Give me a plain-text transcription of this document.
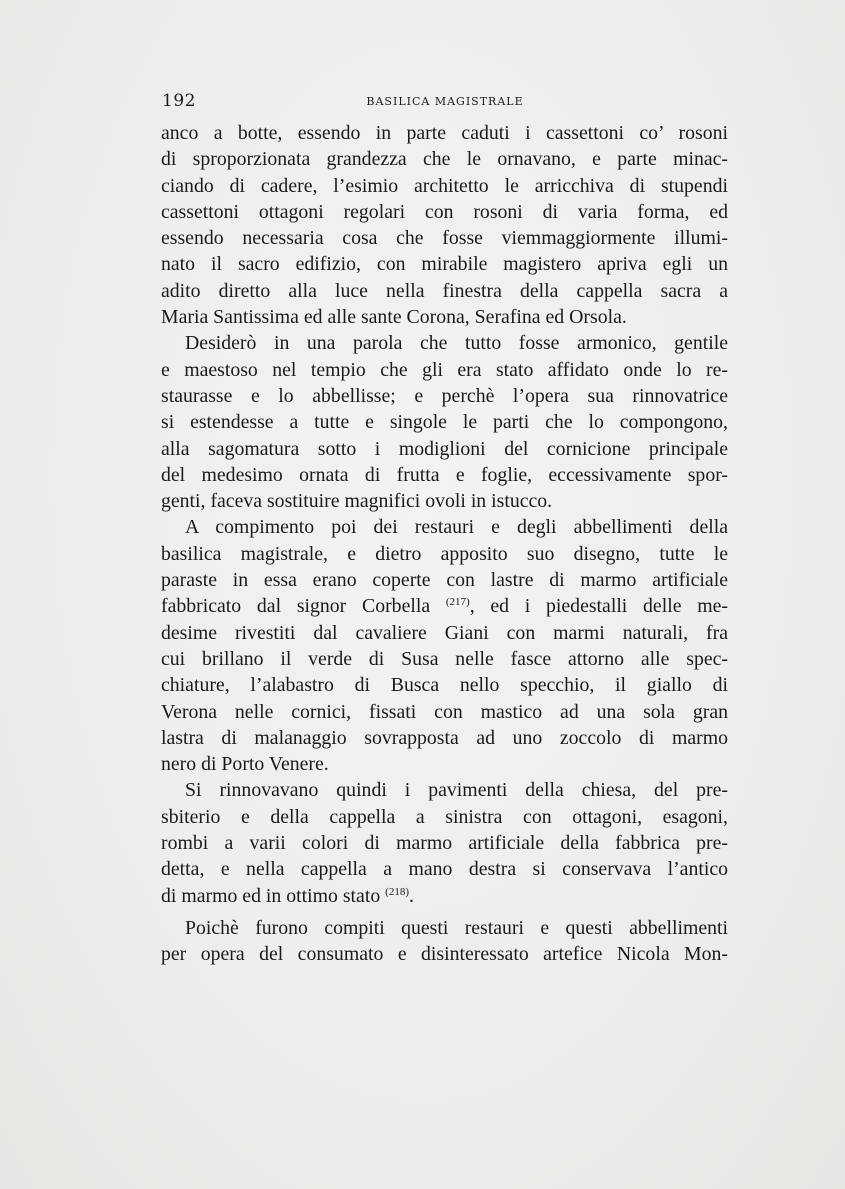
192	BASILICA MAGISTRALE
anco a botte, essendo in parte caduti i cassettoni co’ rosoni
di sproporzionata grandezza che le ornavano, e parte minac-
ciando di cadere, l’esimio architetto le arricchiva di stupendi
cassettoni ottagoni regolari con rosoni di varia forma, ed
essendo necessaria cosa che fosse viemmaggiormente illumi-
nato il sacro edifizio, con mirabile magistero apriva egli un
adito diretto alla luce nella finestra della cappella sacra a
Maria Santissima ed alle sante Corona, Serafina ed Orsola.
Desiderò in una parola che tutto fosse armonico, gentile
e maestoso nel tempio che gli era stato affidato onde lo re-
staurasse e lo abbellisse; e perchè l’opera sua rinnovatrice
si estendesse a tutte e singole le parti che lo compongono,
alla sagomatura sotto i modiglioni del cornicione principale
del medesimo ornata di frutta e foglie, eccessivamente spor-
genti, faceva sostituire magnifici ovoli in istucco.
A compimento poi dei restauri e degli abbellimenti della
basilica magistrale, e dietro apposito suo disegno, tutte le
paraste in essa erano coperte con lastre di marmo artificiale
fabbricato dal signor Corbella $^{(217)}$, ed i piedestalli delle me-
desime rivestiti dal cavaliere Giani con marmi naturali, fra
cui brillano il verde di Susa nelle fasce attorno alle spec-
chiature, l’alabastro di Busca nello specchio, il giallo di
Verona nelle cornici, fissati con mastico ad una sola gran
lastra di malanaggio sovrapposta ad uno zoccolo di marmo
nero di Porto Venere.
Si rinnovavano quindi i pavimenti della chiesa, del pre-
sbiterio e della cappella a sinistra con ottagoni, esagoni,
rombi a varii colori di marmo artificiale della fabbrica pre-
detta, e nella cappella a mano destra si conservava l’antico
di marmo ed in ottimo stato $^{(218)}$.
Poichè furono compiti questi restauri e questi abbellimenti
per opera del consumato e disinteressato artefice Nicola Mon-
